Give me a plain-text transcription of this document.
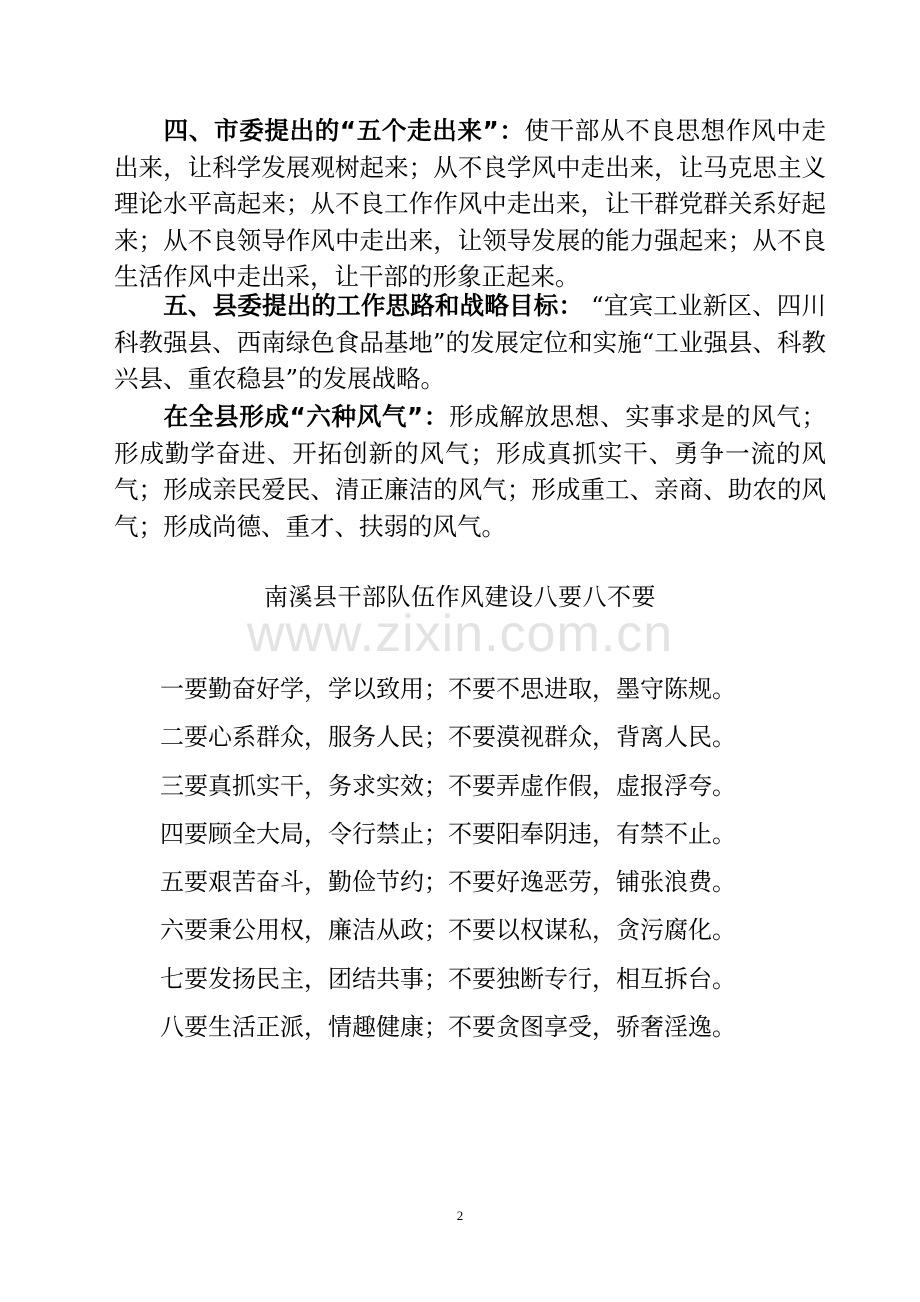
四、市委提出的“五个走出来”：使干部从不良思想作风中走出来，让科学发展观树起来；从不良学风中走出来，让马克思主义理论水平高起来；从不良工作作风中走出来，让干群党群关系好起来；从不良领导作风中走出来，让领导发展的能力强起来；从不良生活作风中走出采，让干部的形象正起来。

五、县委提出的工作思路和战略目标： “宜宾工业新区、四川科教强县、西南绿色食品基地”的发展定位和实施“工业强县、科教兴县、重农稳县”的发展战略。

在全县形成“六种风气”：形成解放思想、实事求是的风气；形成勤学奋进、开拓创新的风气；形成真抓实干、勇争一流的风气；形成亲民爱民、清正廉洁的风气；形成重工、亲商、助农的风气；形成尚德、重才、扶弱的风气。

南溪县干部队伍作风建设八要八不要
www.zixin.com.cn
一要勤奋好学，学以致用；不要不思进取，墨守陈规。
二要心系群众，服务人民；不要漠视群众，背离人民。
三要真抓实干，务求实效；不要弄虚作假，虚报浮夸。
四要顾全大局，令行禁止；不要阳奉阴违，有禁不止。
五要艰苦奋斗，勤俭节约；不要好逸恶劳，铺张浪费。
六要秉公用权，廉洁从政；不要以权谋私，贪污腐化。
七要发扬民主，团结共事；不要独断专行，相互拆台。
八要生活正派，情趣健康；不要贪图享受，骄奢淫逸。
2
